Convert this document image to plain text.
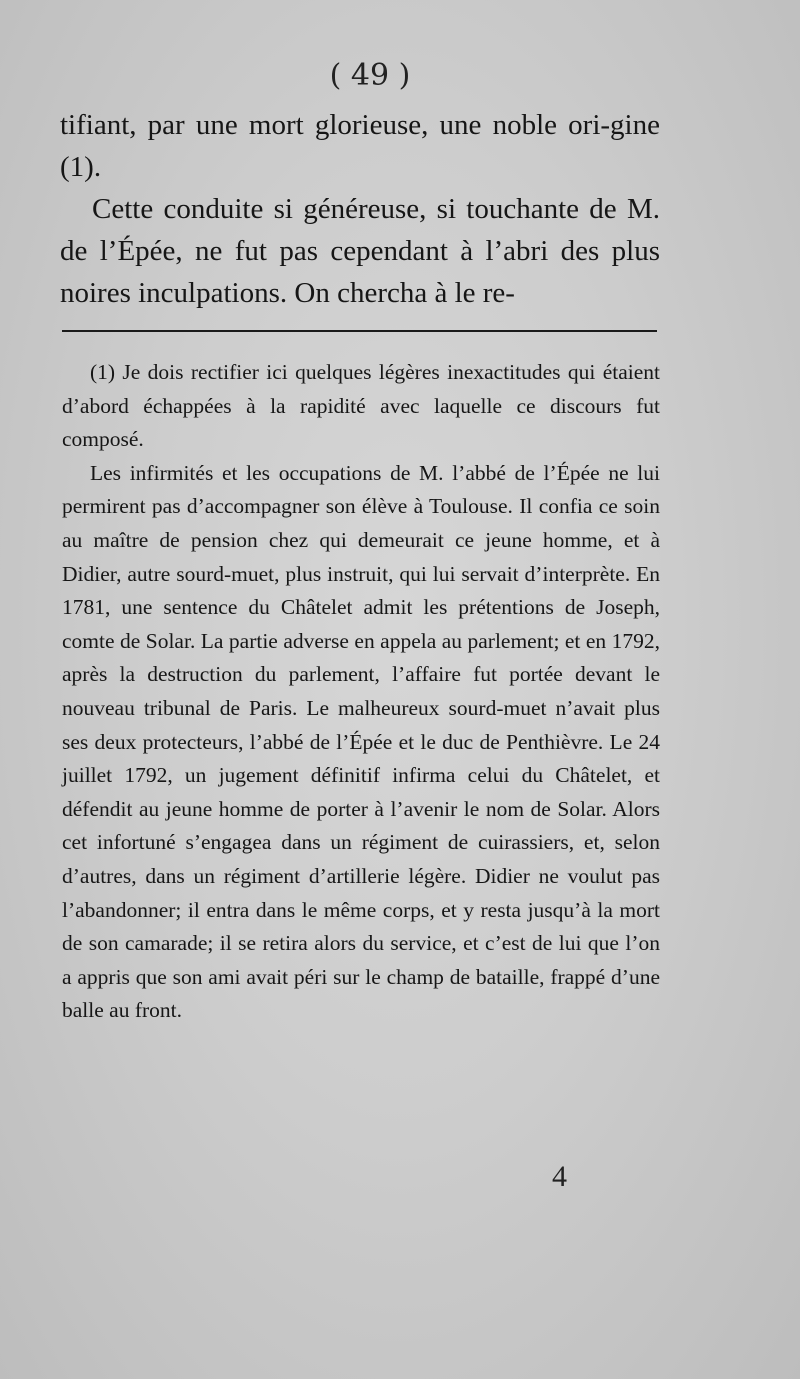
( 49 )

tifiant, par une mort glorieuse, une noble ori-gine (1).

Cette conduite si généreuse, si touchante de M. de l’Épée, ne fut pas cependant à l’abri des plus noires inculpations. On chercha à le re-

(1) Je dois rectifier ici quelques légères inexactitudes qui étaient d’abord échappées à la rapidité avec laquelle ce discours fut composé.

Les infirmités et les occupations de M. l’abbé de l’Épée ne lui permirent pas d’accompagner son élève à Toulouse. Il confia ce soin au maître de pension chez qui demeurait ce jeune homme, et à Didier, autre sourd-muet, plus instruit, qui lui servait d’interprète. En 1781, une sentence du Châtelet admit les prétentions de Joseph, comte de Solar. La partie adverse en appela au parlement; et en 1792, après la destruction du parlement, l’affaire fut portée devant le nouveau tribunal de Paris. Le malheureux sourd-muet n’avait plus ses deux protecteurs, l’abbé de l’Épée et le duc de Penthièvre. Le 24 juillet 1792, un jugement définitif infirma celui du Châtelet, et défendit au jeune homme de porter à l’avenir le nom de Solar. Alors cet infortuné s’engagea dans un régiment de cuirassiers, et, selon d’autres, dans un régiment d’artillerie légère. Didier ne voulut pas l’abandonner; il entra dans le même corps, et y resta jusqu’à la mort de son camarade; il se retira alors du service, et c’est de lui que l’on a appris que son ami avait péri sur le champ de bataille, frappé d’une balle au front.

4
